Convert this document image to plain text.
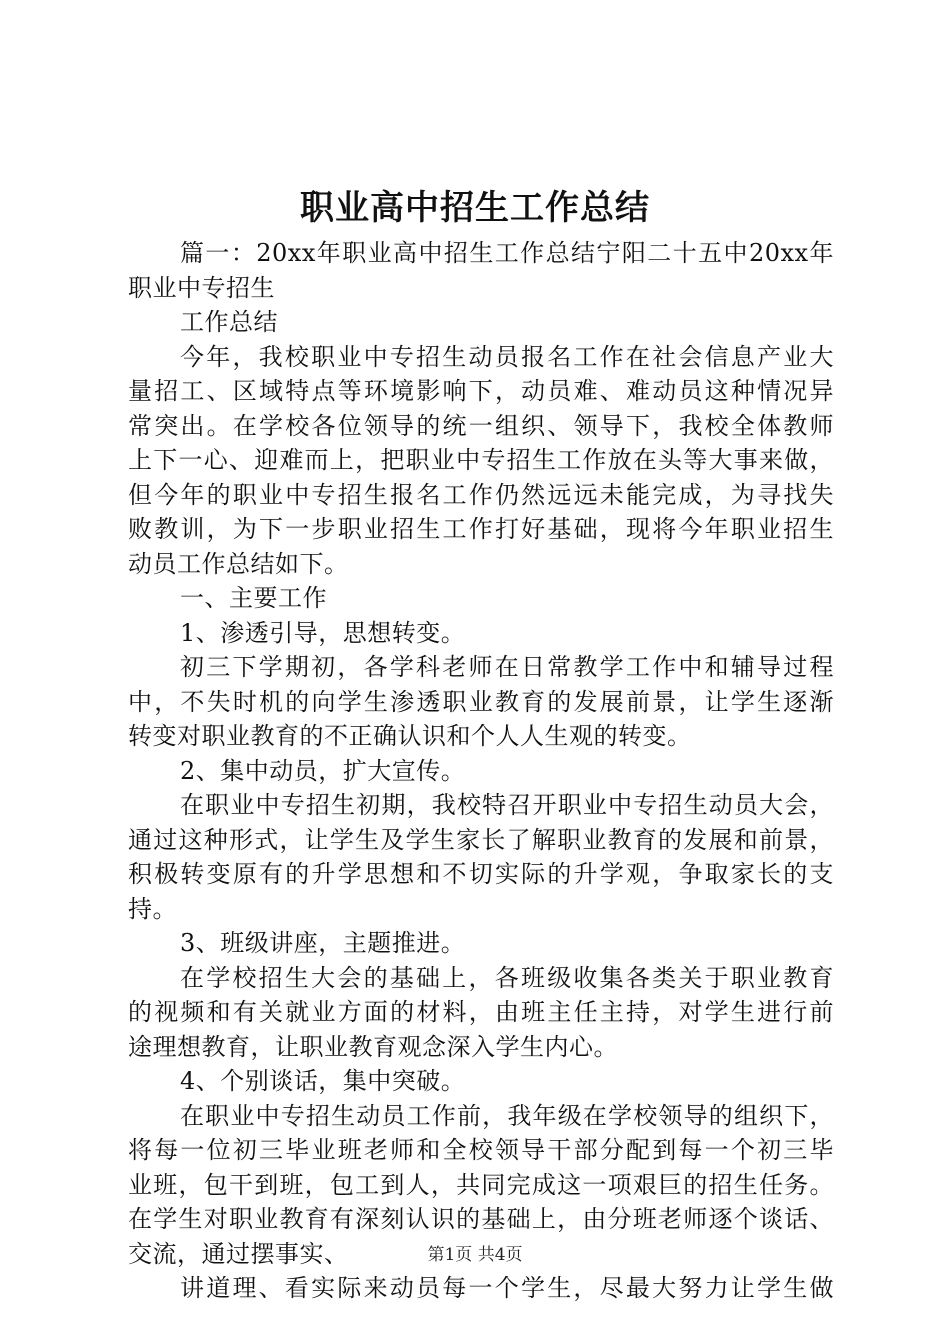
职业高中招生工作总结
篇一：20xx年职业高中招生工作总结宁阳二十五中20xx年
职业中专招生
工作总结
今年，我校职业中专招生动员报名工作在社会信息产业大
量招工、区域特点等环境影响下，动员难、难动员这种情况异
常突出。在学校各位领导的统一组织、领导下，我校全体教师
上下一心、迎难而上，把职业中专招生工作放在头等大事来做，
但今年的职业中专招生报名工作仍然远远未能完成，为寻找失
败教训，为下一步职业招生工作打好基础，现将今年职业招生
动员工作总结如下。
一、主要工作
1、渗透引导，思想转变。
初三下学期初，各学科老师在日常教学工作中和辅导过程
中，不失时机的向学生渗透职业教育的发展前景，让学生逐渐
转变对职业教育的不正确认识和个人人生观的转变。
2、集中动员，扩大宣传。
在职业中专招生初期，我校特召开职业中专招生动员大会，
通过这种形式，让学生及学生家长了解职业教育的发展和前景，
积极转变原有的升学思想和不切实际的升学观，争取家长的支
持。
3、班级讲座，主题推进。
在学校招生大会的基础上，各班级收集各类关于职业教育
的视频和有关就业方面的材料，由班主任主持，对学生进行前
途理想教育，让职业教育观念深入学生内心。
4、个别谈话，集中突破。
在职业中专招生动员工作前，我年级在学校领导的组织下，
将每一位初三毕业班老师和全校领导干部分配到每一个初三毕
业班，包干到班，包工到人，共同完成这一项艰巨的招生任务。
在学生对职业教育有深刻认识的基础上，由分班老师逐个谈话、
交流，通过摆事实、
讲道理、看实际来动员每一个学生，尽最大努力让学生做
第1页 共4页
